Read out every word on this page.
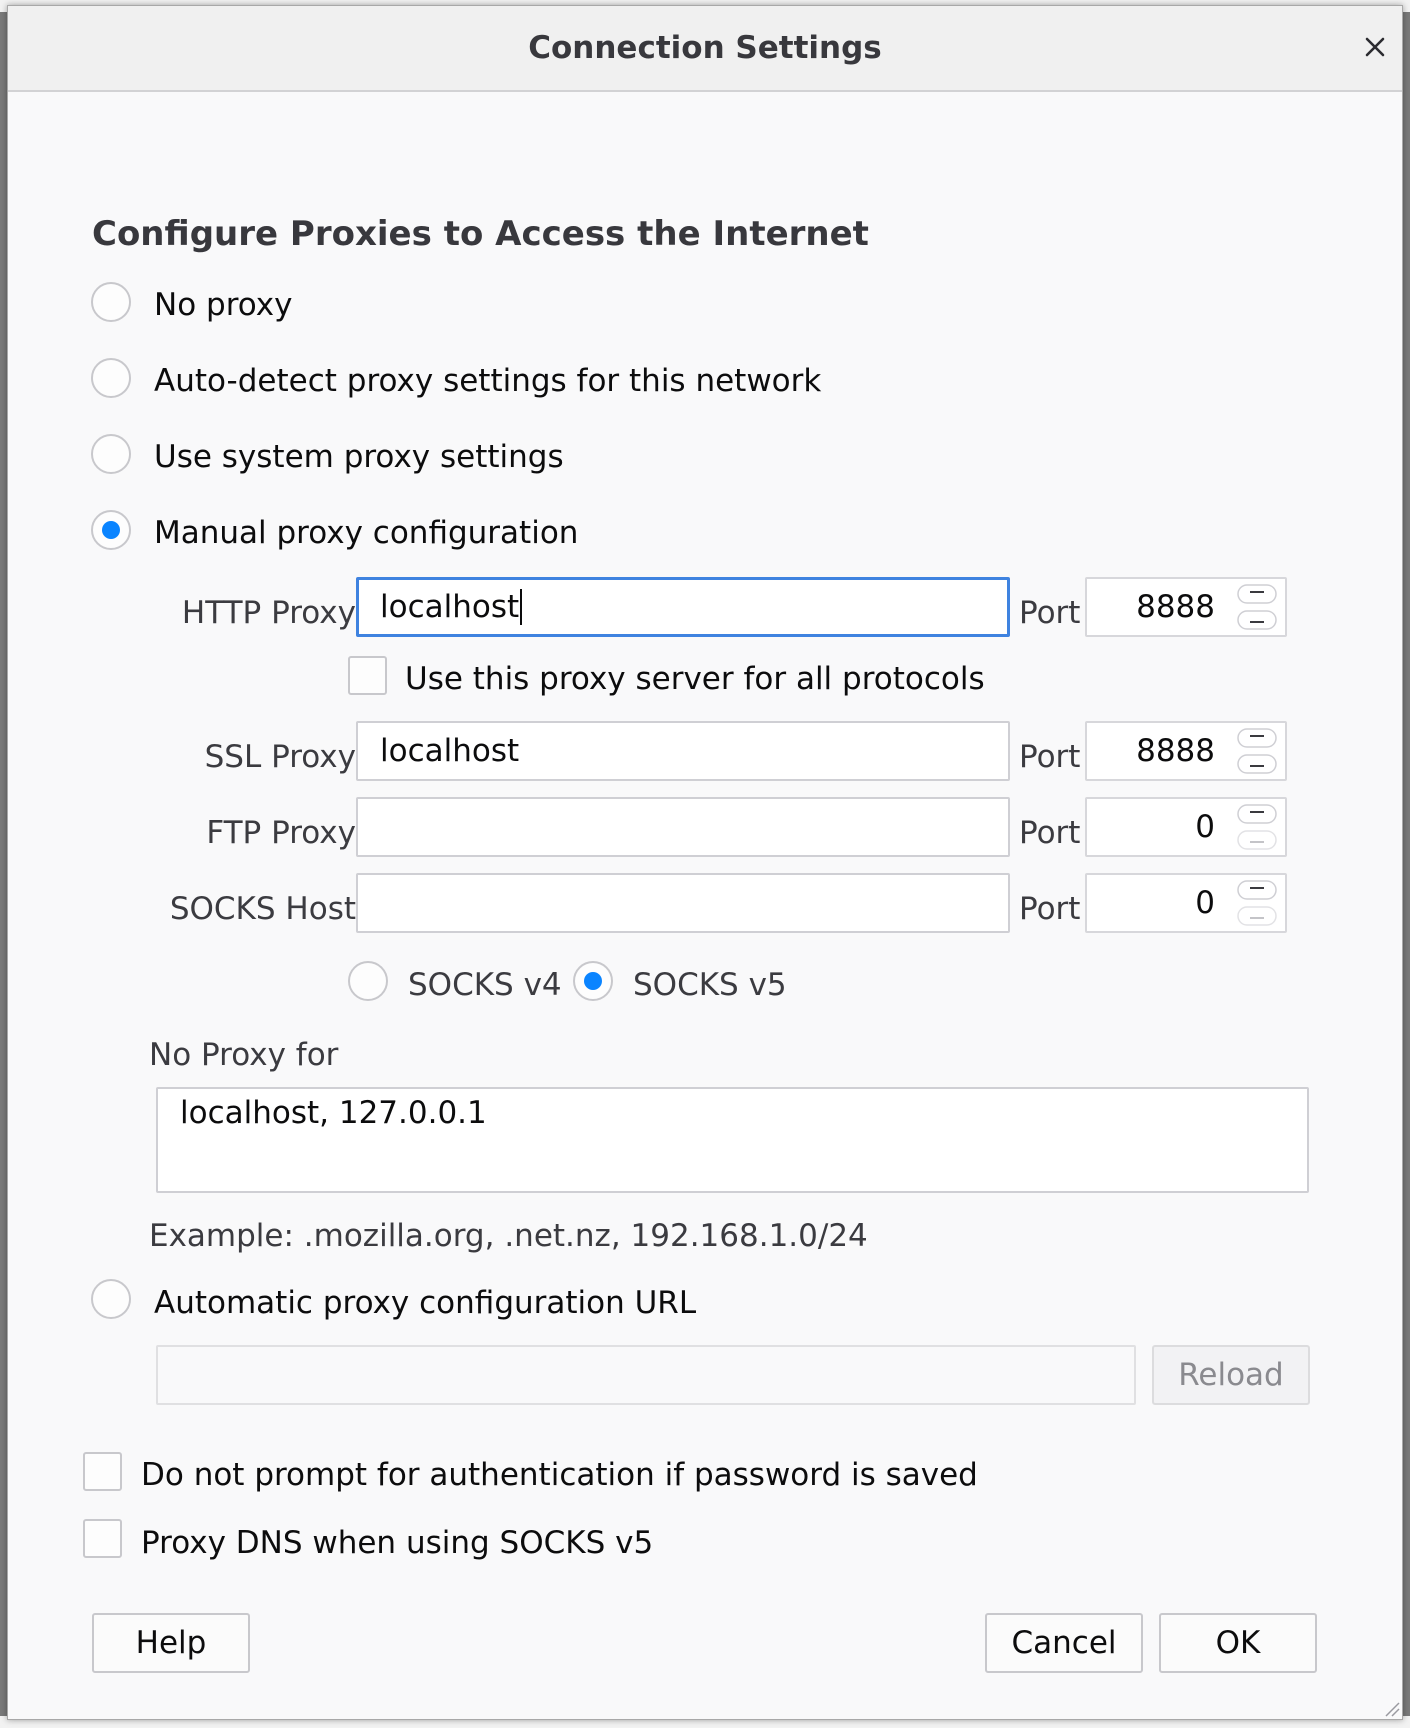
Connection Settings
Configure Proxies to Access the Internet
No proxy
Auto-detect proxy settings for this network
Use system proxy settings
Manual proxy configuration
HTTP Proxy localhost	Port 8888
Use this proxy server for all protocols
SSL Proxy localhost	Port 8888
FTP Proxy	Port	0
SOCKS Host	Port	0
SOCKS v4 SOCKS v5
No Proxy for
localhost, 127.0.0.1
Example: .mozilla.org, .net.nz, 192.168.1.0/24
Automatic proxy configuration URL
Reload
Do not prompt for authentication if password is saved
Proxy DNS when using SOCKS v5
Help	Cancel	OK
